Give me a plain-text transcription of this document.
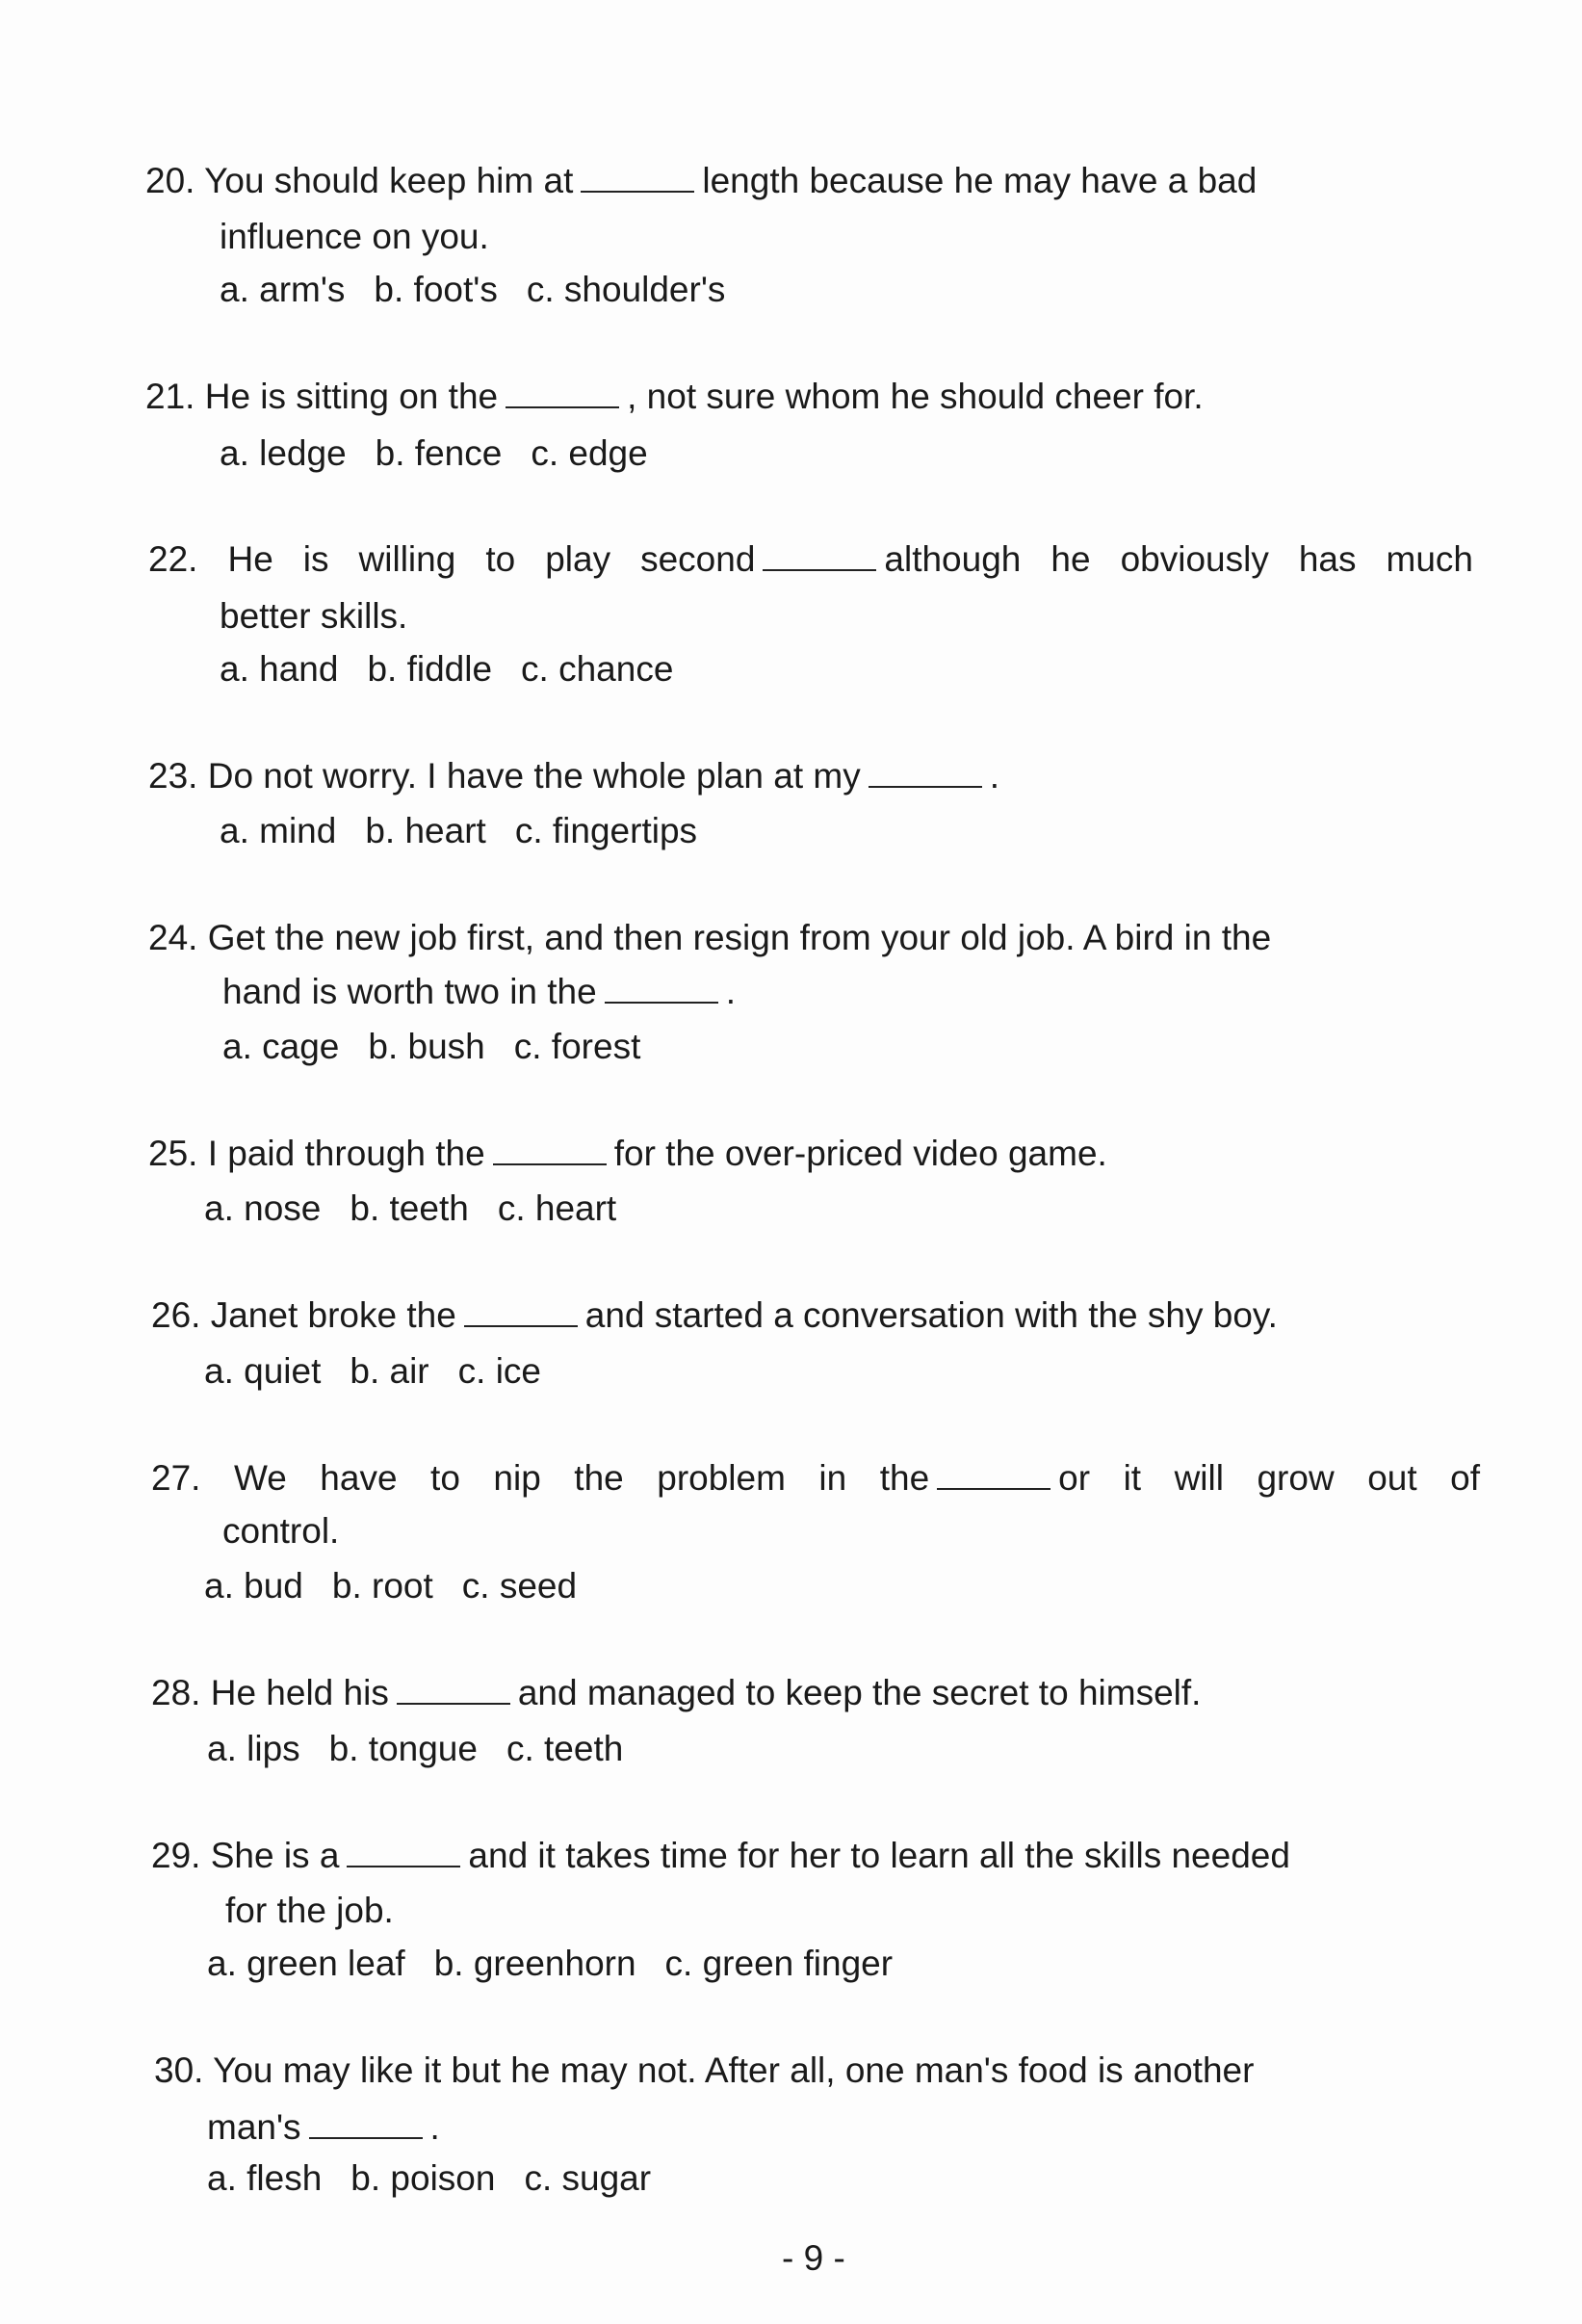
20. You should keep him at	length because he may have a bad
influence on you.
a. arm's b. foot's c. shoulder's
21. He is sitting on the	, not sure whom he should cheer for.
a. ledge b. fence c. edge
22. He is willing to play second	although he obviously has much
better skills.
a. hand b. fiddle c. chance
23. Do not worry. I have the whole plan at my	.
a. mind b. heart c. fingertips
24. Get the new job first, and then resign from your old job. A bird in the
hand is worth two in the	.
a. cage b. bush c. forest
25. I paid through the	for the over-priced video game.
a. nose b. teeth c. heart
26. Janet broke the	and started a conversation with the shy boy.
a. quiet b. air c. ice
27. We have to nip the problem in the	or it will grow out of
control.
a. bud b. root c. seed
28. He held his	and managed to keep the secret to himself.
a. lips b. tongue c. teeth
29. She is a	and it takes time for her to learn all the skills needed
for the job.
a. green leaf b. greenhorn c. green finger
30. You may like it but he may not. After all, one man's food is another
man's	.
a. flesh b. poison c. sugar
- 9 -
